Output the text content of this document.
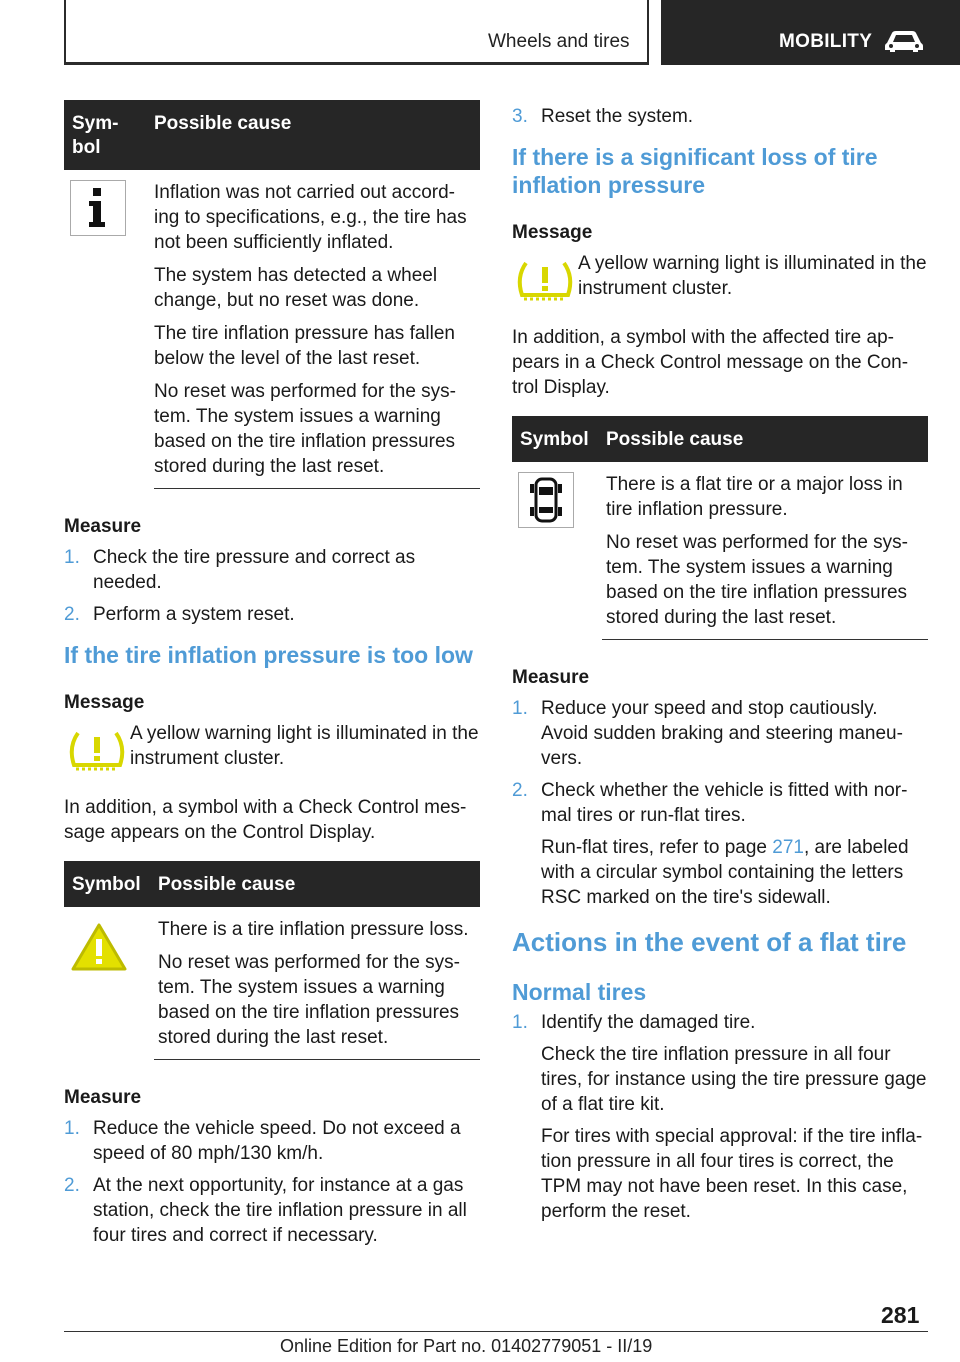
Wheels and tires	MOBILITY
Sym-
bol
Possible cause

Inflation was not carried out accord-ing to specifications, e.g., the tire has not been sufficiently inflated.

The system has detected a wheel change, but no reset was done.

The tire inflation pressure has fallen below the level of the last reset.

No reset was performed for the sys-tem. The system issues a warning based on the tire inflation pressures stored during the last reset.

Measure
1. Check the tire pressure and correct as needed.
2. Perform a system reset.
If the tire inflation pressure is too low
Message
A yellow warning light is illuminated in the instrument cluster.
In addition, a symbol with a Check Control mes-sage appears on the Control Display.
Symbol Possible cause

There is a tire inflation pressure loss.

No reset was performed for the sys-tem. The system issues a warning based on the tire inflation pressures stored during the last reset.

Measure
1. Reduce the vehicle speed. Do not exceed a speed of 80 mph/130 km/h.
2. At the next opportunity, for instance at a gas station, check the tire inflation pressure in all four tires and correct if necessary.
3. Reset the system.
If there is a significant loss of tire inflation pressure
Message
A yellow warning light is illuminated in the instrument cluster.
In addition, a symbol with the affected tire ap-pears in a Check Control message on the Con-trol Display.
Symbol Possible cause

There is a flat tire or a major loss in tire inflation pressure.

No reset was performed for the sys-tem. The system issues a warning based on the tire inflation pressures stored during the last reset.

Measure
1. Reduce your speed and stop cautiously. Avoid sudden braking and steering maneu-vers.
2. Check whether the vehicle is fitted with nor-mal tires or run-flat tires.

Run-flat tires, refer to page 271, are labeled with a circular symbol containing the letters RSC marked on the tire's sidewall.

Actions in the event of a flat tire
Normal tires
1. Identify the damaged tire.

Check the tire inflation pressure in all four tires, for instance using the tire pressure gage of a flat tire kit.

For tires with special approval: if the tire infla-tion pressure in all four tires is correct, the TPM may not have been reset. In this case, perform the reset.

281
Online Edition for Part no. 01402779051 - II/19
